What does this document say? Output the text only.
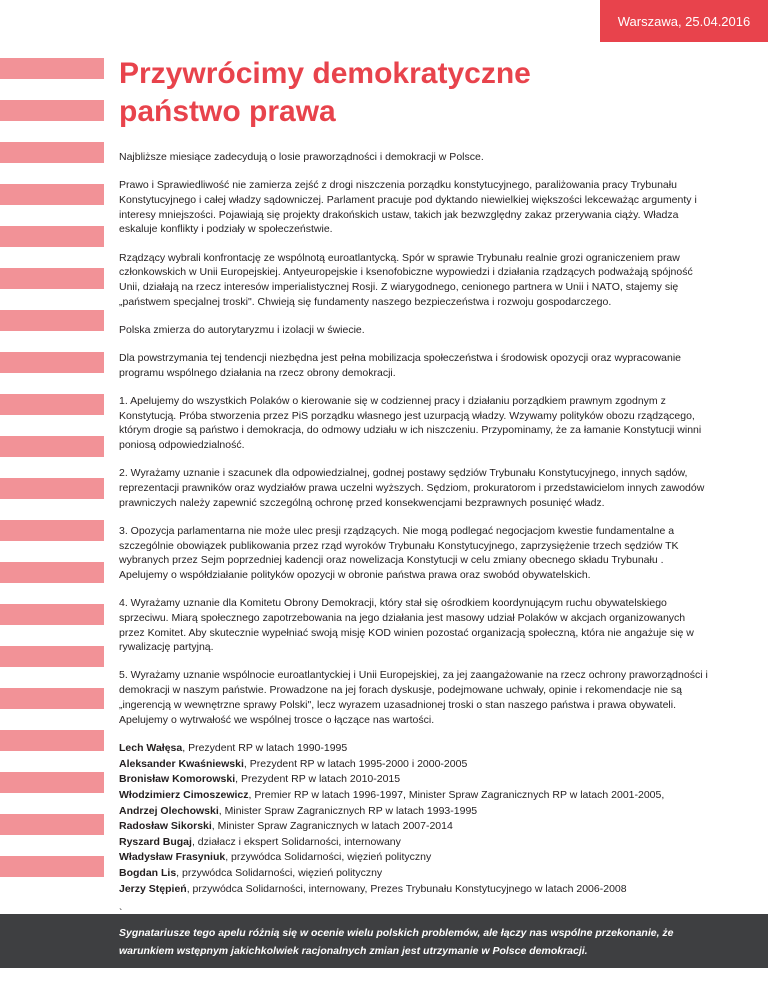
Warszawa, 25.04.2016
Przywrócimy demokratyczne
państwo prawa

Najbliższe miesiące zadecydują o losie praworządności i demokracji w Polsce.

Prawo i Sprawiedliwość nie zamierza zejść z drogi niszczenia porządku konstytucyjnego, paraliżowania pracy Trybunału Konstytucyjnego i całej władzy sądowniczej. Parlament pracuje pod dyktando niewielkiej większości lekceważąc argumenty i interesy mniejszości. Pojawiają się projekty drakońskich ustaw, takich jak bezwzględny zakaz przerywania ciąży. Władza eskaluje konflikty i podziały w społeczeństwie.

Rządzący wybrali konfrontację ze wspólnotą euroatlantycką. Spór w sprawie Trybunału realnie grozi ograniczeniem praw członkowskich w Unii Europejskiej. Antyeuropejskie i ksenofobiczne wypowiedzi i działania rządzących podważają spójność Unii, działają na rzecz interesów imperialistycznej Rosji. Z wiarygodnego, cenionego partnera w Unii i NATO, stajemy się „państwem specjalnej troski". Chwieją się fundamenty naszego bezpieczeństwa i rozwoju gospodarczego.

Polska zmierza do autorytaryzmu i izolacji w świecie.

Dla powstrzymania tej tendencji niezbędna jest pełna mobilizacja społeczeństwa i środowisk opozycji oraz wypracowanie programu wspólnego działania na rzecz obrony demokracji.

1. Apelujemy do wszystkich Polaków o kierowanie się w codziennej pracy i działaniu porządkiem prawnym zgodnym z Konstytucją. Próba stworzenia przez PiS porządku własnego jest uzurpacją władzy. Wzywamy polityków obozu rządzącego, którym drogie są państwo i demokracja, do odmowy udziału w ich niszczeniu. Przypominamy, że za łamanie Konstytucji winni poniosą odpowiedzialność.

2. Wyrażamy uznanie i szacunek dla odpowiedzialnej, godnej postawy sędziów Trybunału Konstytucyjnego, innych sądów, reprezentacji prawników oraz wydziałów prawa uczelni wyższych. Sędziom, prokuratorom i przedstawicielom innych zawodów prawniczych należy zapewnić szczególną ochronę przed konsekwencjami bezprawnych posunięć władz.

3. Opozycja parlamentarna nie może ulec presji rządzących. Nie mogą podlegać negocjacjom kwestie fundamentalne a szczególnie obowiązek publikowania przez rząd wyroków Trybunału Konstytucyjnego, zaprzysiężenie trzech sędziów TK wybranych przez Sejm poprzedniej kadencji oraz nowelizacja Konstytucji w celu zmiany obecnego składu Trybunału . Apelujemy o współdziałanie polityków opozycji w obronie państwa prawa oraz swobód obywatelskich.

4. Wyrażamy uznanie dla Komitetu Obrony Demokracji, który stał się ośrodkiem koordynującym ruchu obywatelskiego sprzeciwu. Miarą społecznego zapotrzebowania na jego działania jest masowy udział Polaków w akcjach organizowanych przez Komitet. Aby skutecznie wypełniać swoją misję KOD winien pozostać organizacją społeczną, która nie angażuje się w rywalizację partyjną.

5. Wyrażamy uznanie wspólnocie euroatlantyckiej i Unii Europejskiej, za jej zaangażowanie na rzecz ochrony praworządności i demokracji w naszym państwie. Prowadzone na jej forach dyskusje, podejmowane uchwały, opinie i rekomendacje nie są „ingerencją w wewnętrzne sprawy Polski", lecz wyrazem uzasadnionej troski o stan naszego państwa i prawa obywateli. Apelujemy o wytrwałość we wspólnej trosce o łączące nas wartości.

Lech Wałęsa, Prezydent RP w latach 1990-1995
Aleksander Kwaśniewski, Prezydent RP w latach 1995-2000 i 2000-2005
Bronisław Komorowski, Prezydent RP w latach 2010-2015
Włodzimierz Cimoszewicz, Premier RP w latach 1996-1997, Minister Spraw Zagranicznych RP w latach 2001-2005,
Andrzej Olechowski, Minister Spraw Zagranicznych RP w latach 1993-1995
Radosław Sikorski, Minister Spraw Zagranicznych w latach 2007-2014
Ryszard Bugaj, działacz i ekspert Solidarności, internowany
Władysław Frasyniuk, przywódca Solidarności, więzień polityczny
Bogdan Lis, przywódca Solidarności, więzień polityczny
Jerzy Stępień, przywódca Solidarności, internowany, Prezes Trybunału Konstytucyjnego w latach 2006-2008

Sygnatariusze tego apelu różnią się w ocenie wielu polskich problemów, ale łączy nas wspólne przekonanie, że warunkiem wstępnym jakichkolwiek racjonalnych zmian jest utrzymanie w Polsce demokracji.
